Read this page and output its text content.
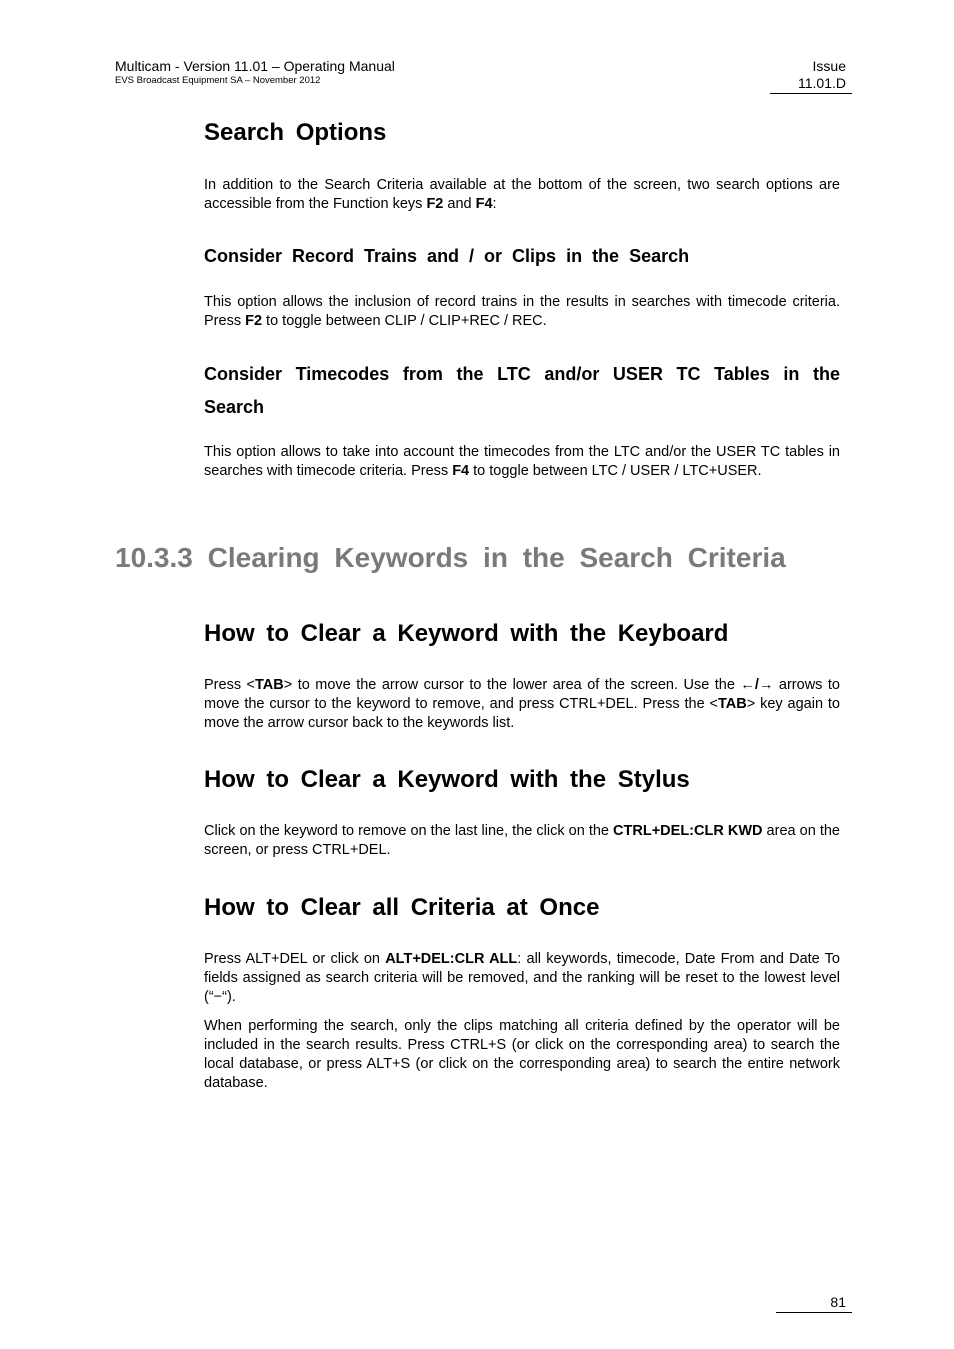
Multicam - Version 11.01 – Operating Manual
EVS Broadcast Equipment SA – November 2012
Issue
11.01.D
Search Options

In addition to the Search Criteria available at the bottom of the screen, two search options are accessible from the Function keys F2 and F4:

Consider Record Trains and / or Clips in the Search

This option allows the inclusion of record trains in the results in searches with timecode criteria. Press F2 to toggle between CLIP / CLIP+REC / REC.

Consider Timecodes from the LTC and/or USER TC Tables in the Search

This option allows to take into account the timecodes from the LTC and/or the USER TC tables in searches with timecode criteria. Press F4 to toggle between LTC / USER / LTC+USER.

10.3.3 Clearing Keywords in the Search Criteria
How to Clear a Keyword with the Keyboard

Press <TAB> to move the arrow cursor to the lower area of the screen. Use the ←/→ arrows to move the cursor to the keyword to remove, and press CTRL+DEL. Press the <TAB> key again to move the arrow cursor back to the keywords list.

How to Clear a Keyword with the Stylus

Click on the keyword to remove on the last line, the click on the CTRL+DEL:CLR KWD area on the screen, or press CTRL+DEL.

How to Clear all Criteria at Once

Press ALT+DEL or click on ALT+DEL:CLR ALL: all keywords, timecode, Date From and Date To fields assigned as search criteria will be removed, and the ranking will be reset to the lowest level (“−“).

When performing the search, only the clips matching all criteria defined by the operator will be included in the search results. Press CTRL+S (or click on the corresponding area) to search the local database, or press ALT+S (or click on the corresponding area) to search the entire network database.

81
